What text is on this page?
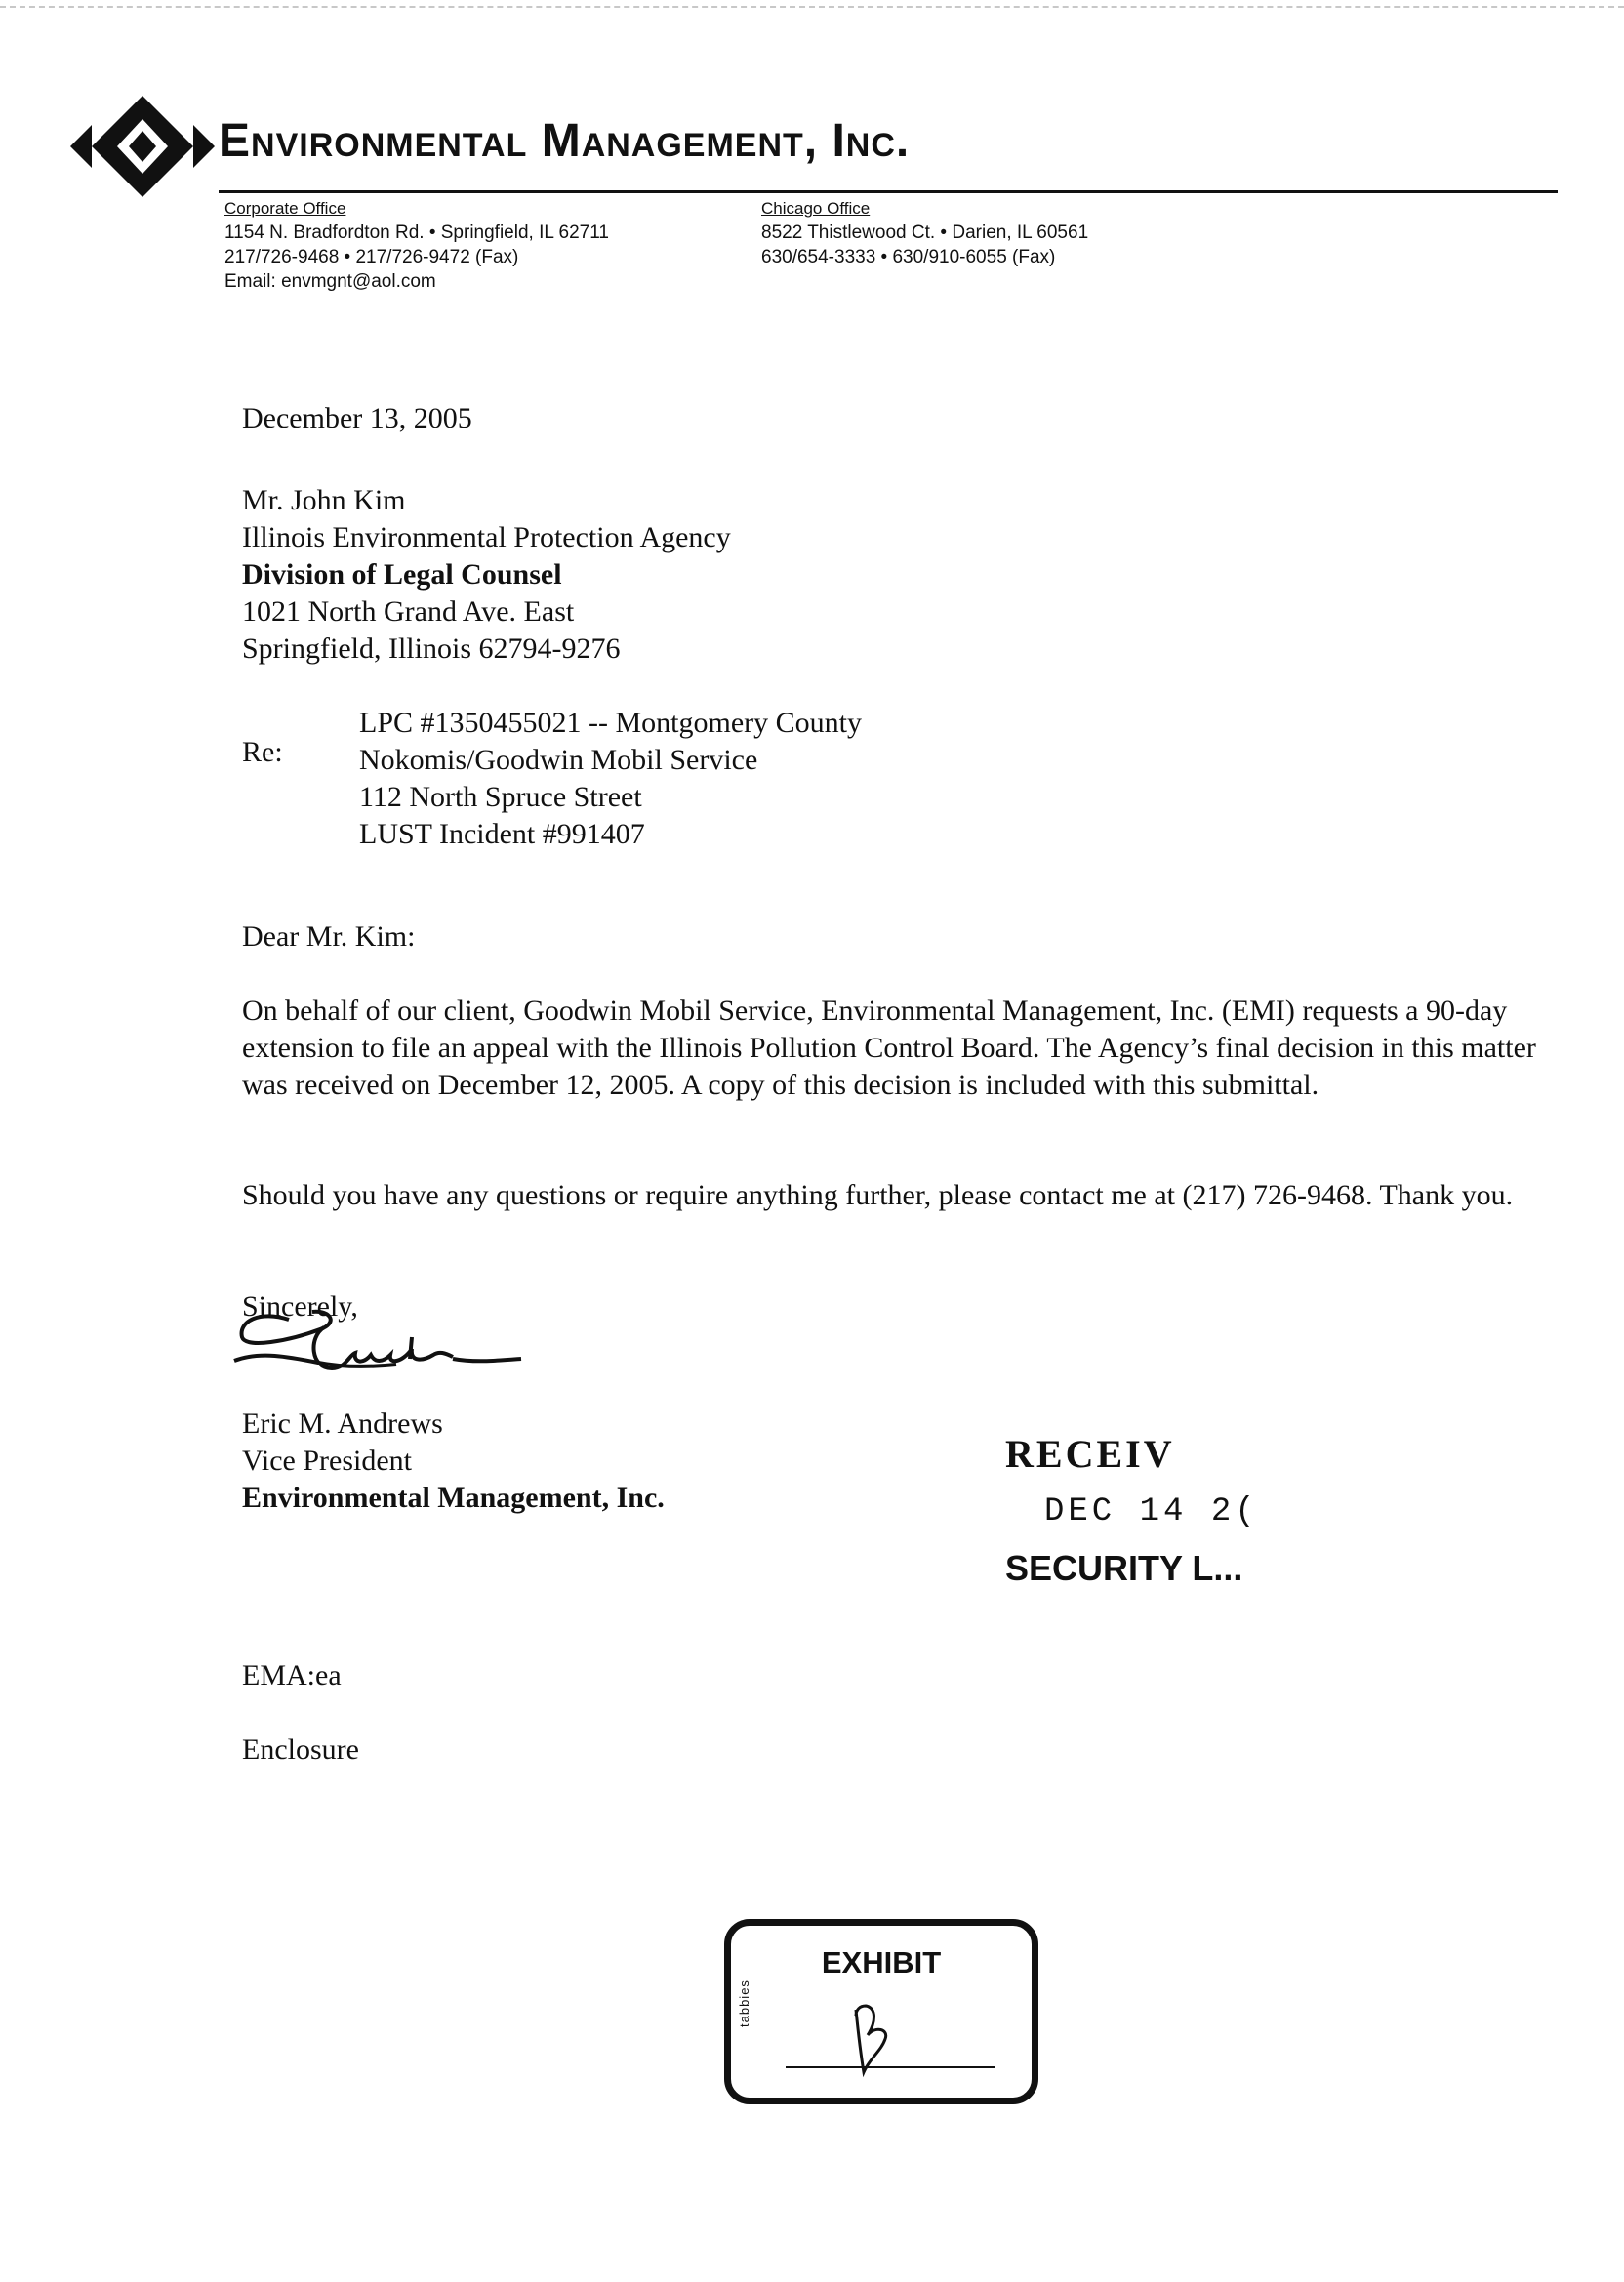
Environmental Management, Inc.
Corporate Office
1154 N. Bradfordton Rd. • Springfield, IL 62711
217/726-9468 • 217/726-9472 (Fax)
Email: envmgnt@aol.com
Chicago Office
8522 Thistlewood Ct. • Darien, IL 60561
630/654-3333 • 630/910-6055 (Fax)

December 13, 2005

Mr. John Kim

Illinois Environmental Protection Agency

Division of Legal Counsel

1021 North Grand Ave. East

Springfield, Illinois 62794-9276

Re:

LPC #1350455021 -- Montgomery County

Nokomis/Goodwin Mobil Service

112 North Spruce Street

LUST Incident #991407

Dear Mr. Kim:

On behalf of our client, Goodwin Mobil Service, Environmental Management, Inc. (EMI) requests a 90-day extension to file an appeal with the Illinois Pollution Control Board. The Agency’s final decision in this matter was received on December 12, 2005. A copy of this decision is included with this submittal.

Should you have any questions or require anything further, please contact me at (217) 726-9468. Thank you.

Sincerely,

Eric M. Andrews

Vice President

Environmental Management, Inc.

EMA:ea

Enclosure

RECEIV
DEC 14 2(
SECURITY L...
EXHIBIT
tabbies
